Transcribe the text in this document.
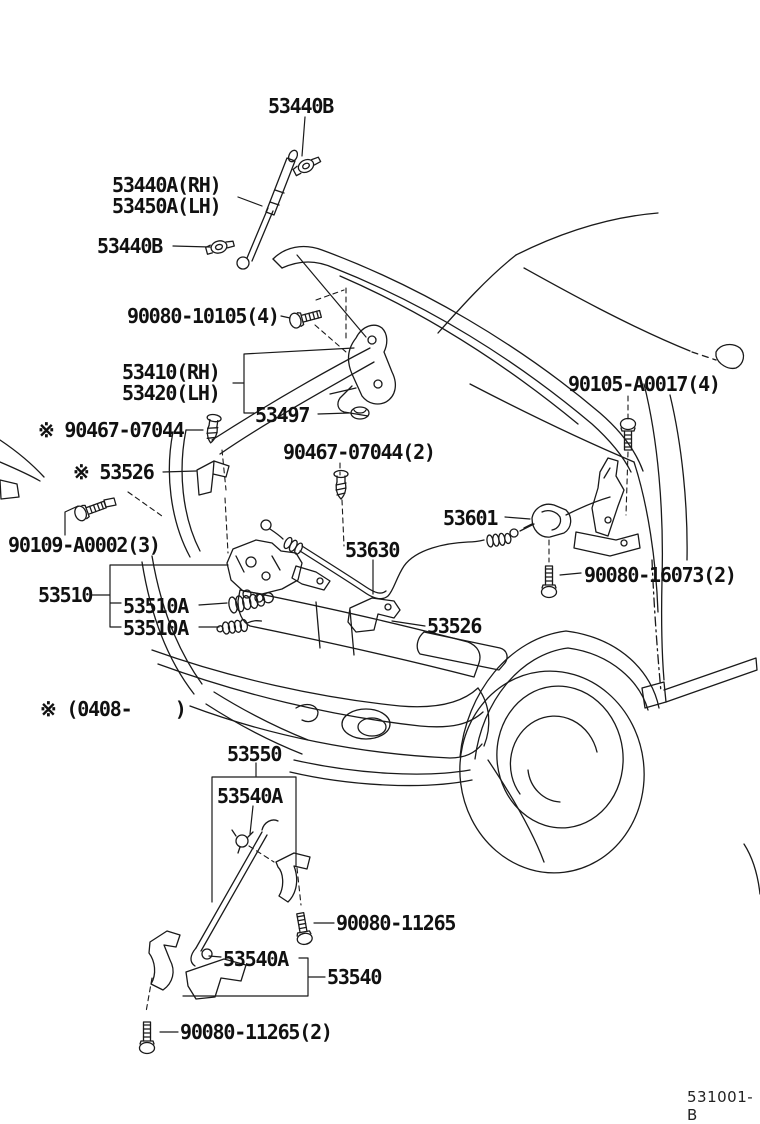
53440B
53440A(RH)
53450A(LH)
53440B
90080-10105(4)
53410(RH)
53420(LH)
53497
※ 90467-07044
90467-07044(2)
※ 53526
90109-A0002(3)
53510 53510A
53510A
53601
90105-A0017(4)
90080-16073(2)
53630
53526
※ (0408-    )
53550
53540A
90080-11265
53540A
53540
90080-11265(2)
531001-B
